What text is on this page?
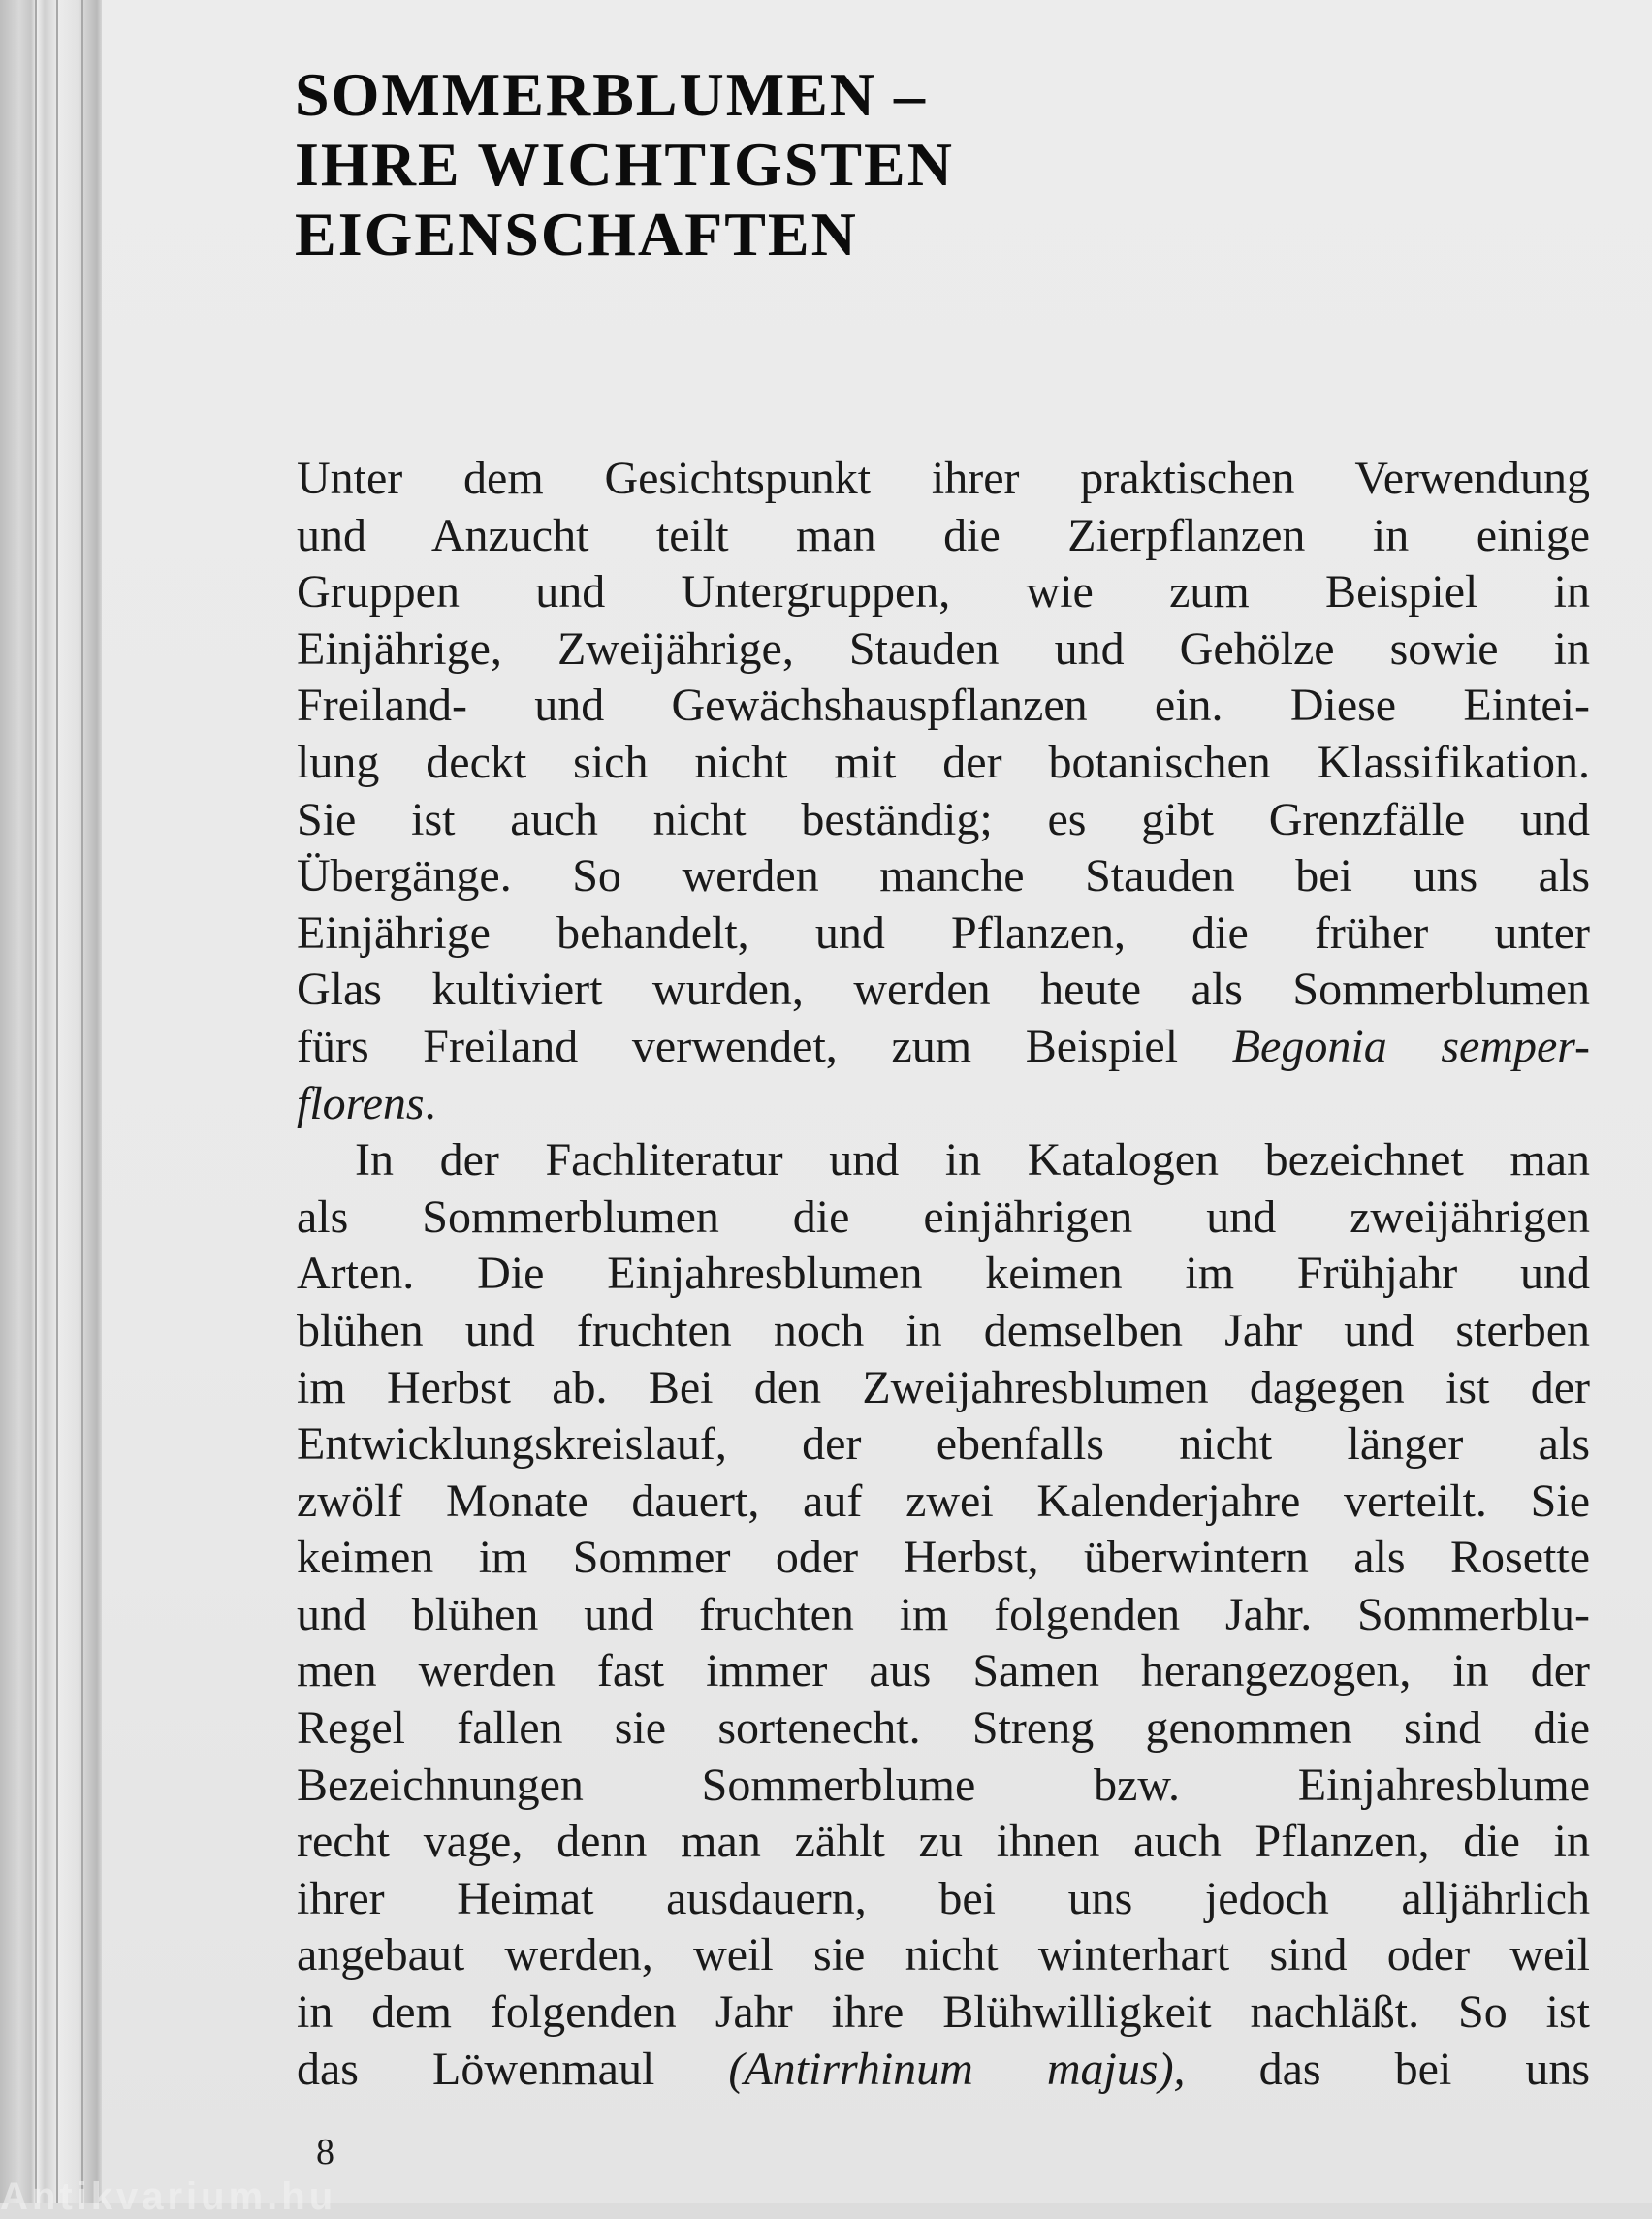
SOMMERBLUMEN –
IHRE WICHTIGSTEN
EIGENSCHAFTEN
Unter dem Gesichtspunkt ihrer praktischen Verwendung
und Anzucht teilt man die Zierpflanzen in einige
Gruppen und Untergruppen, wie zum Beispiel in
Einjährige, Zweijährige, Stauden und Gehölze sowie in
Freiland- und Gewächshauspflanzen ein. Diese Eintei-
lung deckt sich nicht mit der botanischen Klassifikation.
Sie ist auch nicht beständig; es gibt Grenzfälle und
Übergänge. So werden manche Stauden bei uns als
Einjährige behandelt, und Pflanzen, die früher unter
Glas kultiviert wurden, werden heute als Sommerblumen
fürs Freiland verwendet, zum Beispiel Begonia semper-
florens.
In der Fachliteratur und in Katalogen bezeichnet man
als Sommerblumen die einjährigen und zweijährigen
Arten. Die Einjahresblumen keimen im Frühjahr und
blühen und fruchten noch in demselben Jahr und sterben
im Herbst ab. Bei den Zweijahresblumen dagegen ist der
Entwicklungskreislauf, der ebenfalls nicht länger als
zwölf Monate dauert, auf zwei Kalenderjahre verteilt. Sie
keimen im Sommer oder Herbst, überwintern als Rosette
und blühen und fruchten im folgenden Jahr. Sommerblu-
men werden fast immer aus Samen herangezogen, in der
Regel fallen sie sortenecht. Streng genommen sind die
Bezeichnungen Sommerblume bzw. Einjahresblume
recht vage, denn man zählt zu ihnen auch Pflanzen, die in
ihrer Heimat ausdauern, bei uns jedoch alljährlich
angebaut werden, weil sie nicht winterhart sind oder weil
in dem folgenden Jahr ihre Blühwilligkeit nachläßt. So ist
das Löwenmaul (Antirrhinum majus), das bei uns
8
Antikvarium.hu
